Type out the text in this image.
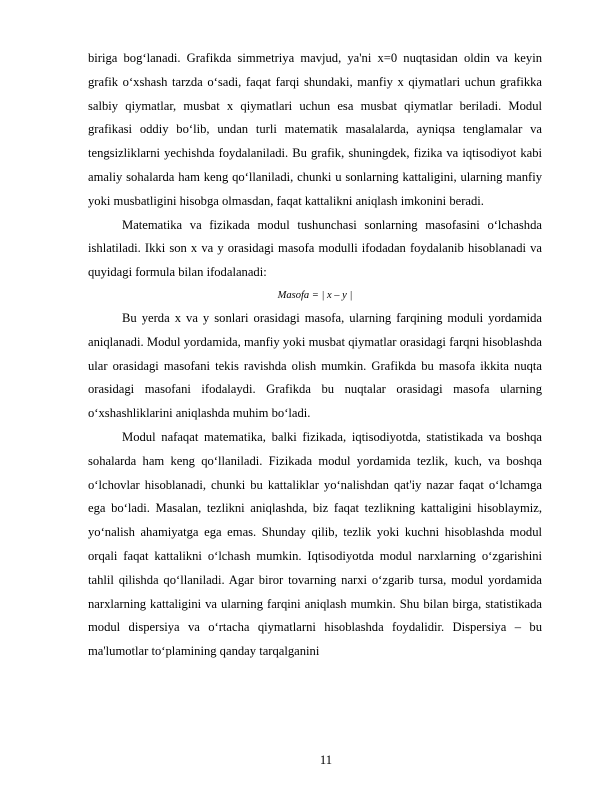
biriga bog‘lanadi. Grafikda simmetriya mavjud, ya'ni x=0 nuqtasidan oldin va keyin grafik o‘xshash tarzda o‘sadi, faqat farqi shundaki, manfiy x qiymatlari uchun grafikka salbiy qiymatlar, musbat x qiymatlari uchun esa musbat qiymatlar beriladi. Modul grafikasi oddiy bo‘lib, undan turli matematik masalalarda, ayniqsa tenglamalar va tengsizliklarni yechishda foydalaniladi. Bu grafik, shuningdek, fizika va iqtisodiyot kabi amaliy sohalarda ham keng qo‘llaniladi, chunki u sonlarning kattaligini, ularning manfiy yoki musbatligini hisobga olmasdan, faqat kattalikni aniqlash imkonini beradi.

Matematika va fizikada modul tushunchasi sonlarning masofasini o‘lchashda ishlatiladi. Ikki son x va y orasidagi masofa modulli ifodadan foydalanib hisoblanadi va quyidagi formula bilan ifodalanadi:

Masofa = | x – y |

Bu yerda x va y sonlari orasidagi masofa, ularning farqining moduli yordamida aniqlanadi. Modul yordamida, manfiy yoki musbat qiymatlar orasidagi farqni hisoblashda ular orasidagi masofani tekis ravishda olish mumkin. Grafikda bu masofa ikkita nuqta orasidagi masofani ifodalaydi. Grafikda bu nuqtalar orasidagi masofa ularning o‘xshashliklarini aniqlashda muhim bo‘ladi.

Modul nafaqat matematika, balki fizikada, iqtisodiyotda, statistikada va boshqa sohalarda ham keng qo‘llaniladi. Fizikada modul yordamida tezlik, kuch, va boshqa o‘lchovlar hisoblanadi, chunki bu kattaliklar yo‘nalishdan qat'iy nazar faqat o‘lchamga ega bo‘ladi. Masalan, tezlikni aniqlashda, biz faqat tezlikning kattaligini hisoblaymiz, yo‘nalish ahamiyatga ega emas. Shunday qilib, tezlik yoki kuchni hisoblashda modul orqali faqat kattalikni o‘lchash mumkin. Iqtisodiyotda modul narxlarning o‘zgarishini tahlil qilishda qo‘llaniladi. Agar biror tovarning narxi o‘zgarib tursa, modul yordamida narxlarning kattaligini va ularning farqini aniqlash mumkin. Shu bilan birga, statistikada modul dispersiya va o‘rtacha qiymatlarni hisoblashda foydalidir. Dispersiya – bu ma'lumotlar to‘plamining qanday tarqalganini

11
